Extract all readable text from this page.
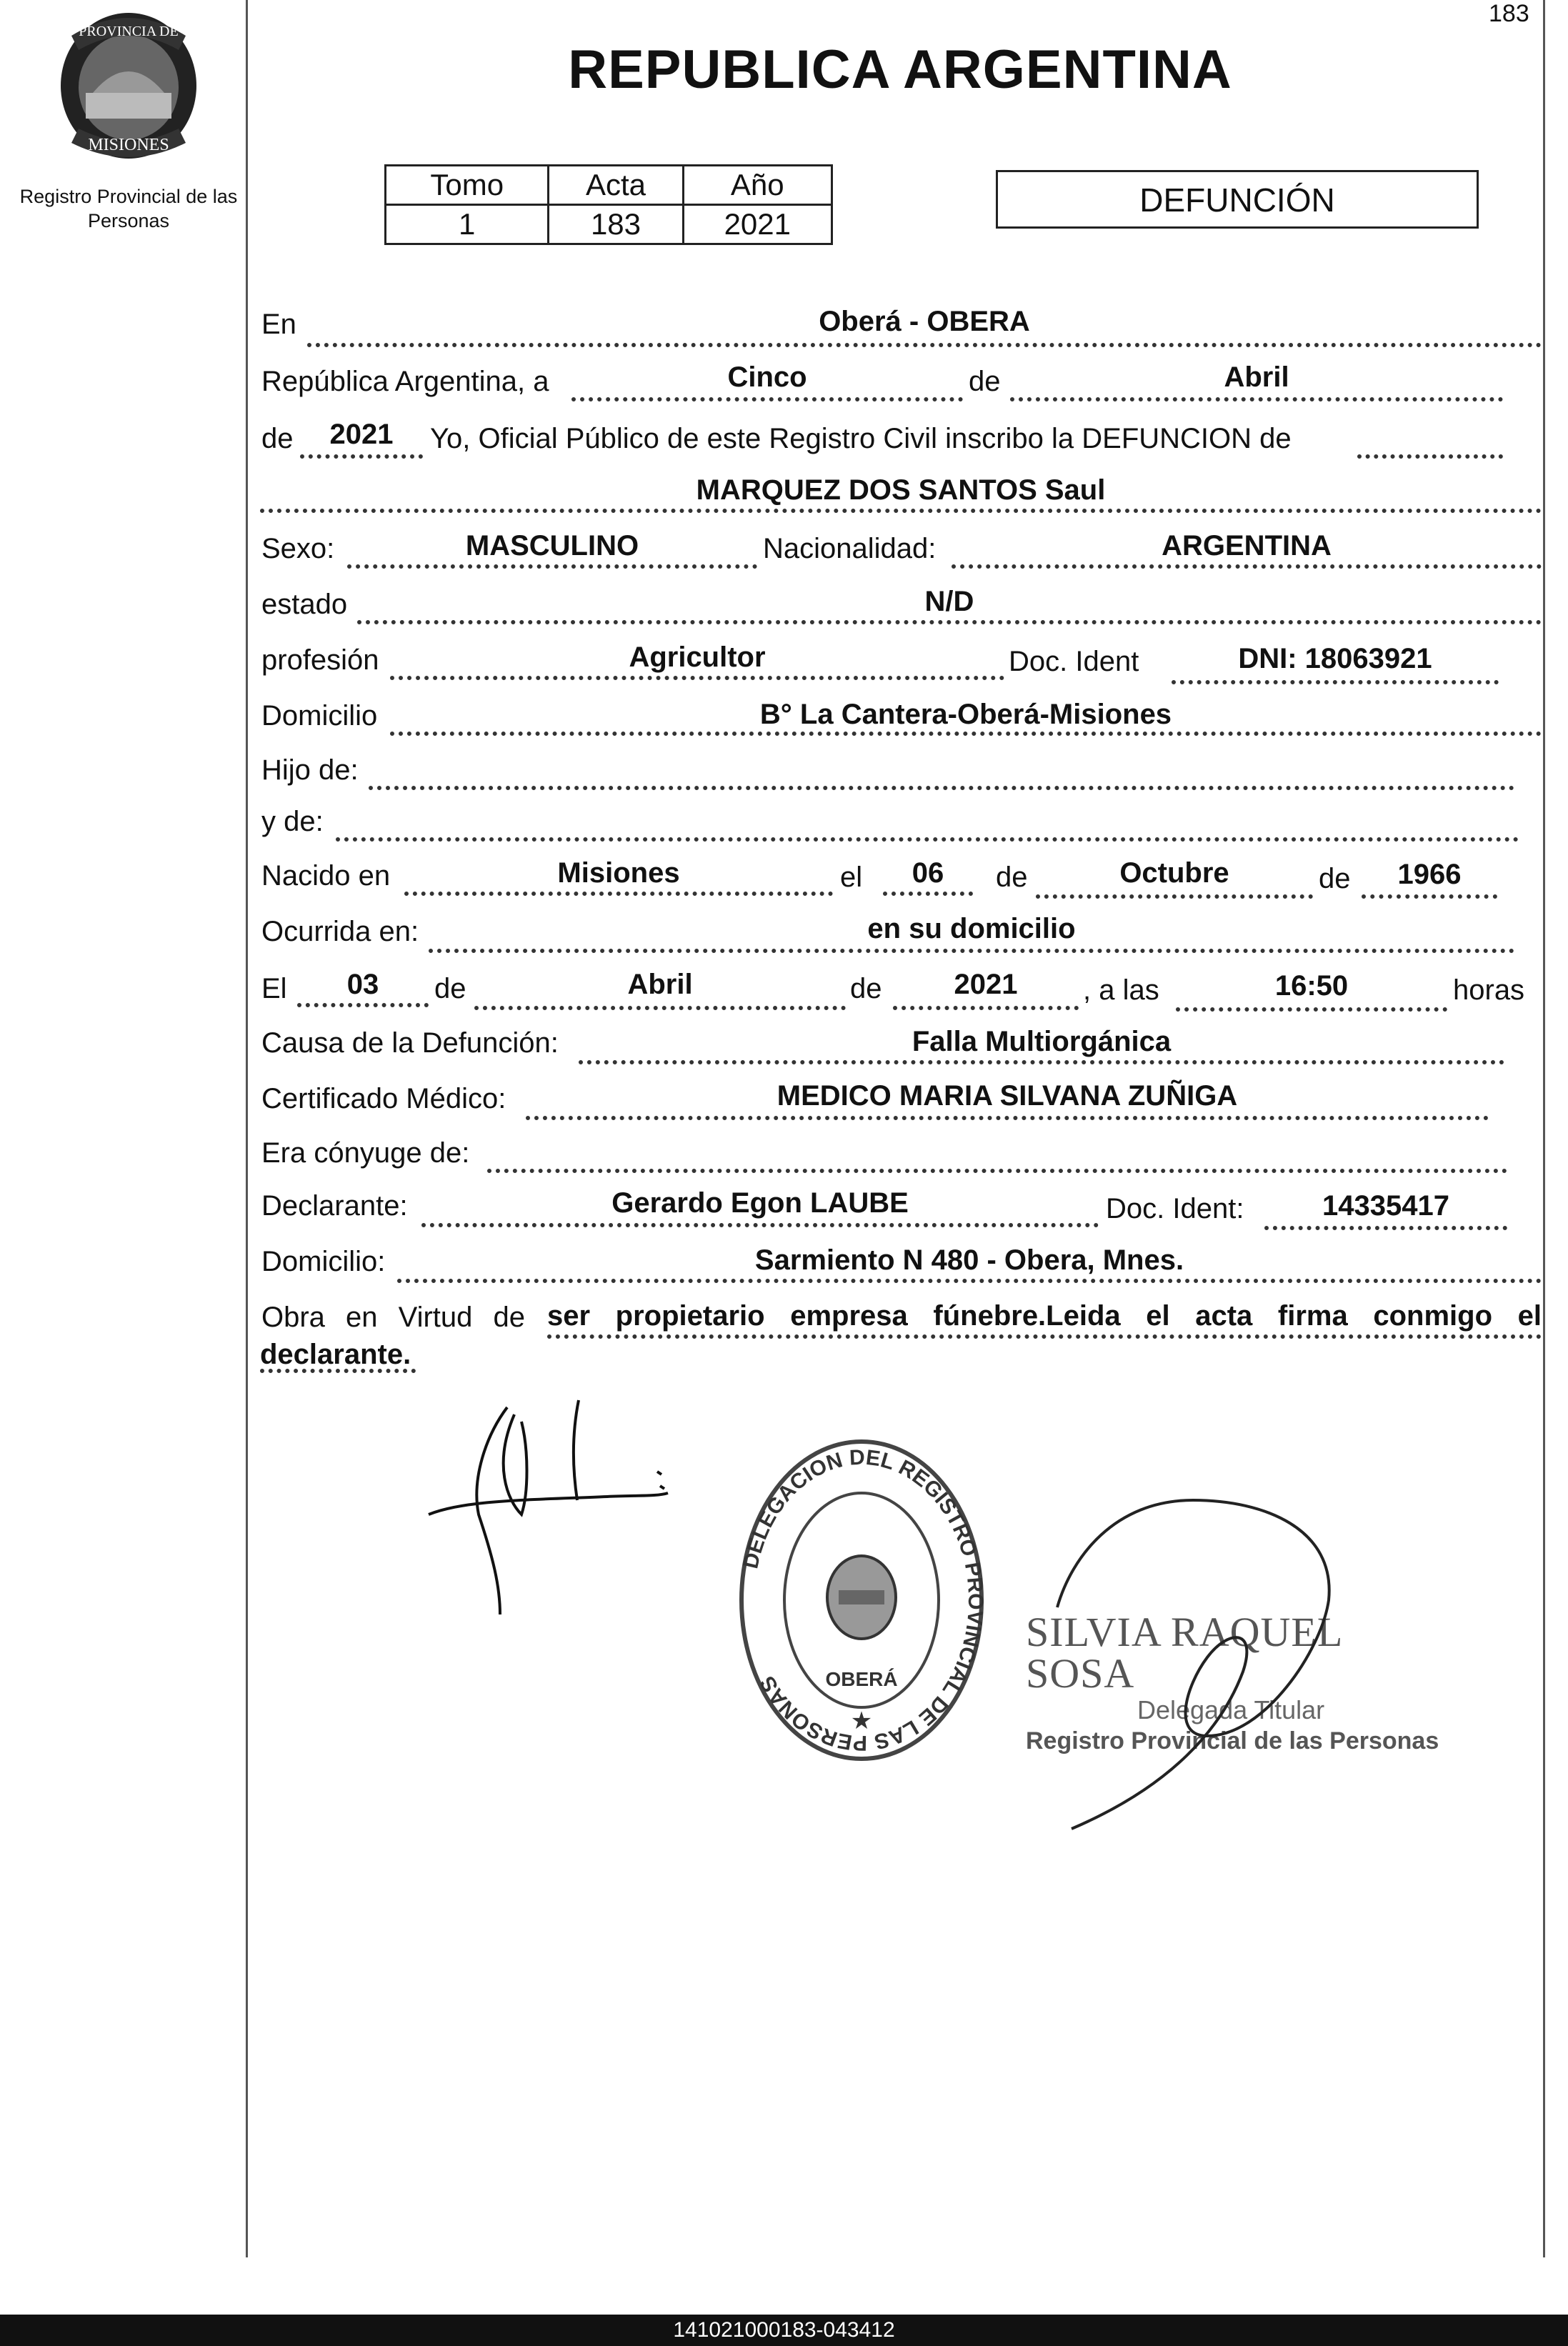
183
PROVINCIA DE
MISIONES
Registro Provincial de las Personas
REPUBLICA ARGENTINA
Tomo	Acta	Año
1	183	2021
DEFUNCIÓN
En	Oberá - OBERA
República Argentina, a	Cinco	de	Abril
de	2021	Yo, Oficial Público de este Registro Civil inscribo la DEFUNCION de
MARQUEZ DOS SANTOS Saul
Sexo:	MASCULINO	Nacionalidad:	ARGENTINA
estado	N/D
profesión	Agricultor	Doc. Ident	DNI: 18063921
Domicilio	B° La Cantera-Oberá-Misiones
Hijo de:
y de:
Nacido en	Misiones	el	06	de	Octubre	de	1966
Ocurrida en:	en su domicilio
El	03	de	Abril	de	2021	, a las	16:50	horas
Causa de la Defunción:	Falla Multiorgánica
Certificado Médico:	MEDICO MARIA SILVANA ZUÑIGA
Era cónyuge de:
Declarante:	Gerardo Egon LAUBE	Doc. Ident:	14335417
Domicilio:	Sarmiento N 480 - Obera, Mnes.
Obra en Virtud de ser propietario empresa fúnebre.Leida el acta firma conmigo el
declarante.
DELEGACION DEL REGISTRO PROVINCIAL DE LAS PERSONAS	OBERÁ
★
SILVIA RAQUEL SOSA
Delegada Titular
Registro Provincial de las Personas
141021000183-043412
